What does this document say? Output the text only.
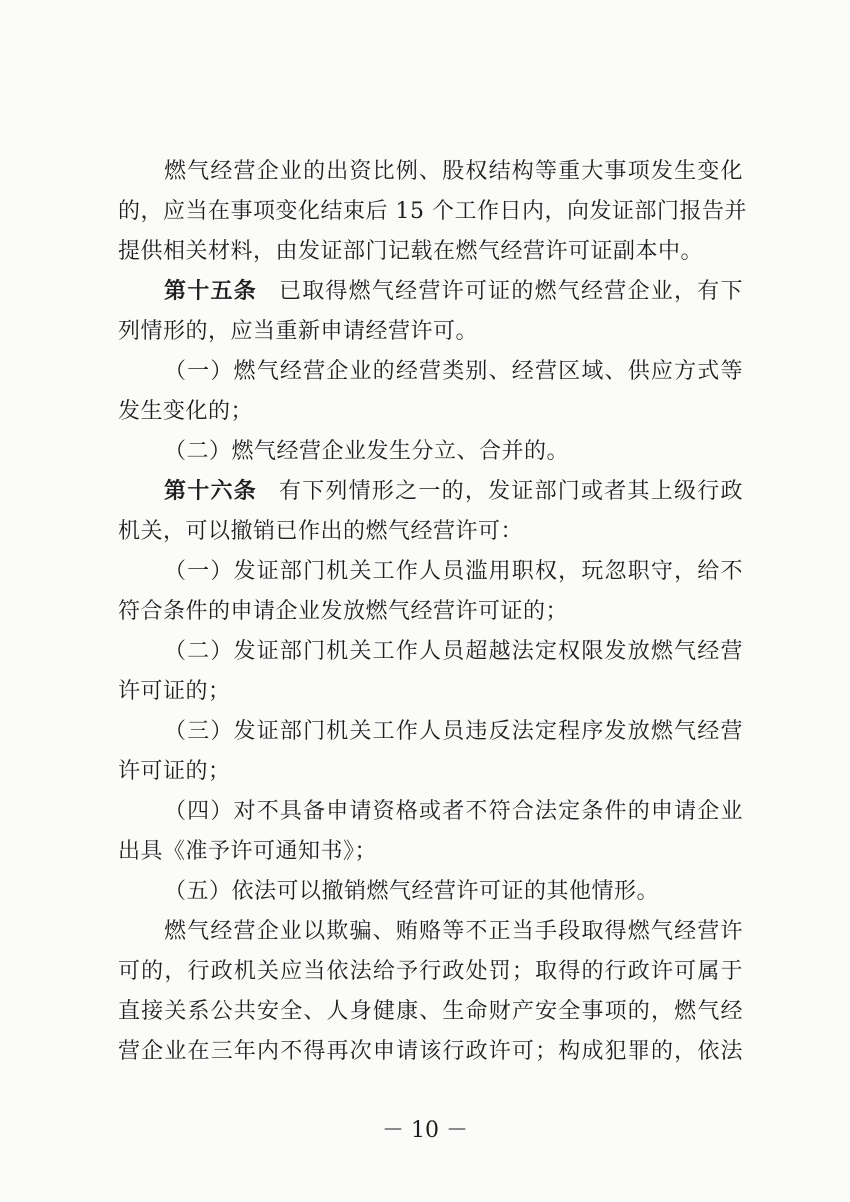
燃气经营企业的出资比例、股权结构等重大事项发生变化
的，应当在事项变化结束后 15 个工作日内，向发证部门报告并
提供相关材料，由发证部门记载在燃气经营许可证副本中。
第十五条 已取得燃气经营许可证的燃气经营企业，有下
列情形的，应当重新申请经营许可。
（一）燃气经营企业的经营类别、经营区域、供应方式等
发生变化的；
（二）燃气经营企业发生分立、合并的。
第十六条 有下列情形之一的，发证部门或者其上级行政
机关，可以撤销已作出的燃气经营许可：
（一）发证部门机关工作人员滥用职权，玩忽职守，给不
符合条件的申请企业发放燃气经营许可证的；
（二）发证部门机关工作人员超越法定权限发放燃气经营
许可证的；
（三）发证部门机关工作人员违反法定程序发放燃气经营
许可证的；
（四）对不具备申请资格或者不符合法定条件的申请企业
出具《准予许可通知书》；
（五）依法可以撤销燃气经营许可证的其他情形。
燃气经营企业以欺骗、贿赂等不正当手段取得燃气经营许
可的，行政机关应当依法给予行政处罚；取得的行政许可属于
直接关系公共安全、人身健康、生命财产安全事项的，燃气经
营企业在三年内不得再次申请该行政许可；构成犯罪的，依法
－ 10 －
